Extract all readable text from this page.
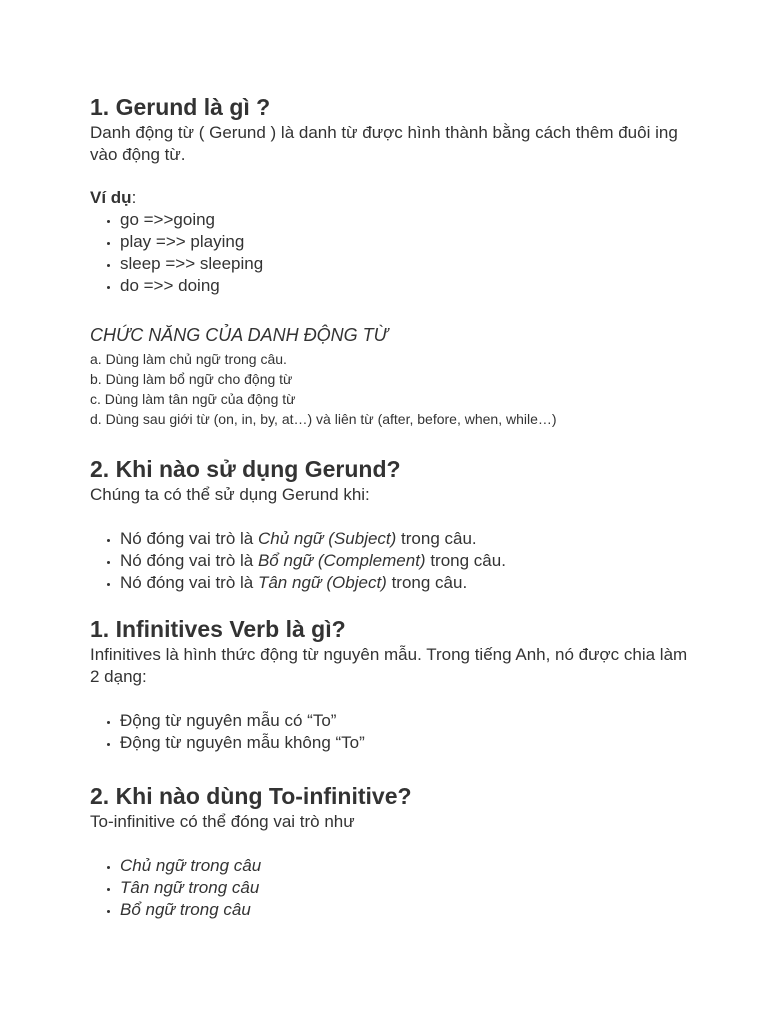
1. Gerund là gì ?

Danh động từ ( Gerund ) là danh từ được hình thành bằng cách thêm đuôi ing vào động từ.

Ví dụ:

• go =>>going
• play =>> playing
• sleep =>> sleeping
• do =>> doing

CHỨC NĂNG CỦA DANH ĐỘNG TỪ

a. Dùng làm chủ ngữ trong câu.

b. Dùng làm bổ ngữ cho động từ

c. Dùng làm tân ngữ của động từ

d. Dùng sau giới từ (on, in, by, at…) và liên từ (after, before, when, while…)

2. Khi nào sử dụng Gerund?

Chúng ta có thể sử dụng Gerund khi:

• Nó đóng vai trò là Chủ ngữ (Subject) trong câu.
• Nó đóng vai trò là Bổ ngữ (Complement) trong câu.
• Nó đóng vai trò là Tân ngữ (Object) trong câu.
1. Infinitives Verb là gì?

Infinitives là hình thức động từ nguyên mẫu. Trong tiếng Anh, nó được chia làm 2 dạng:

• Động từ nguyên mẫu có “To”
• Động từ nguyên mẫu không “To”
2. Khi nào dùng To-infinitive?

To-infinitive có thể đóng vai trò như

• Chủ ngữ trong câu
• Tân ngữ trong câu
• Bổ ngữ trong câu
